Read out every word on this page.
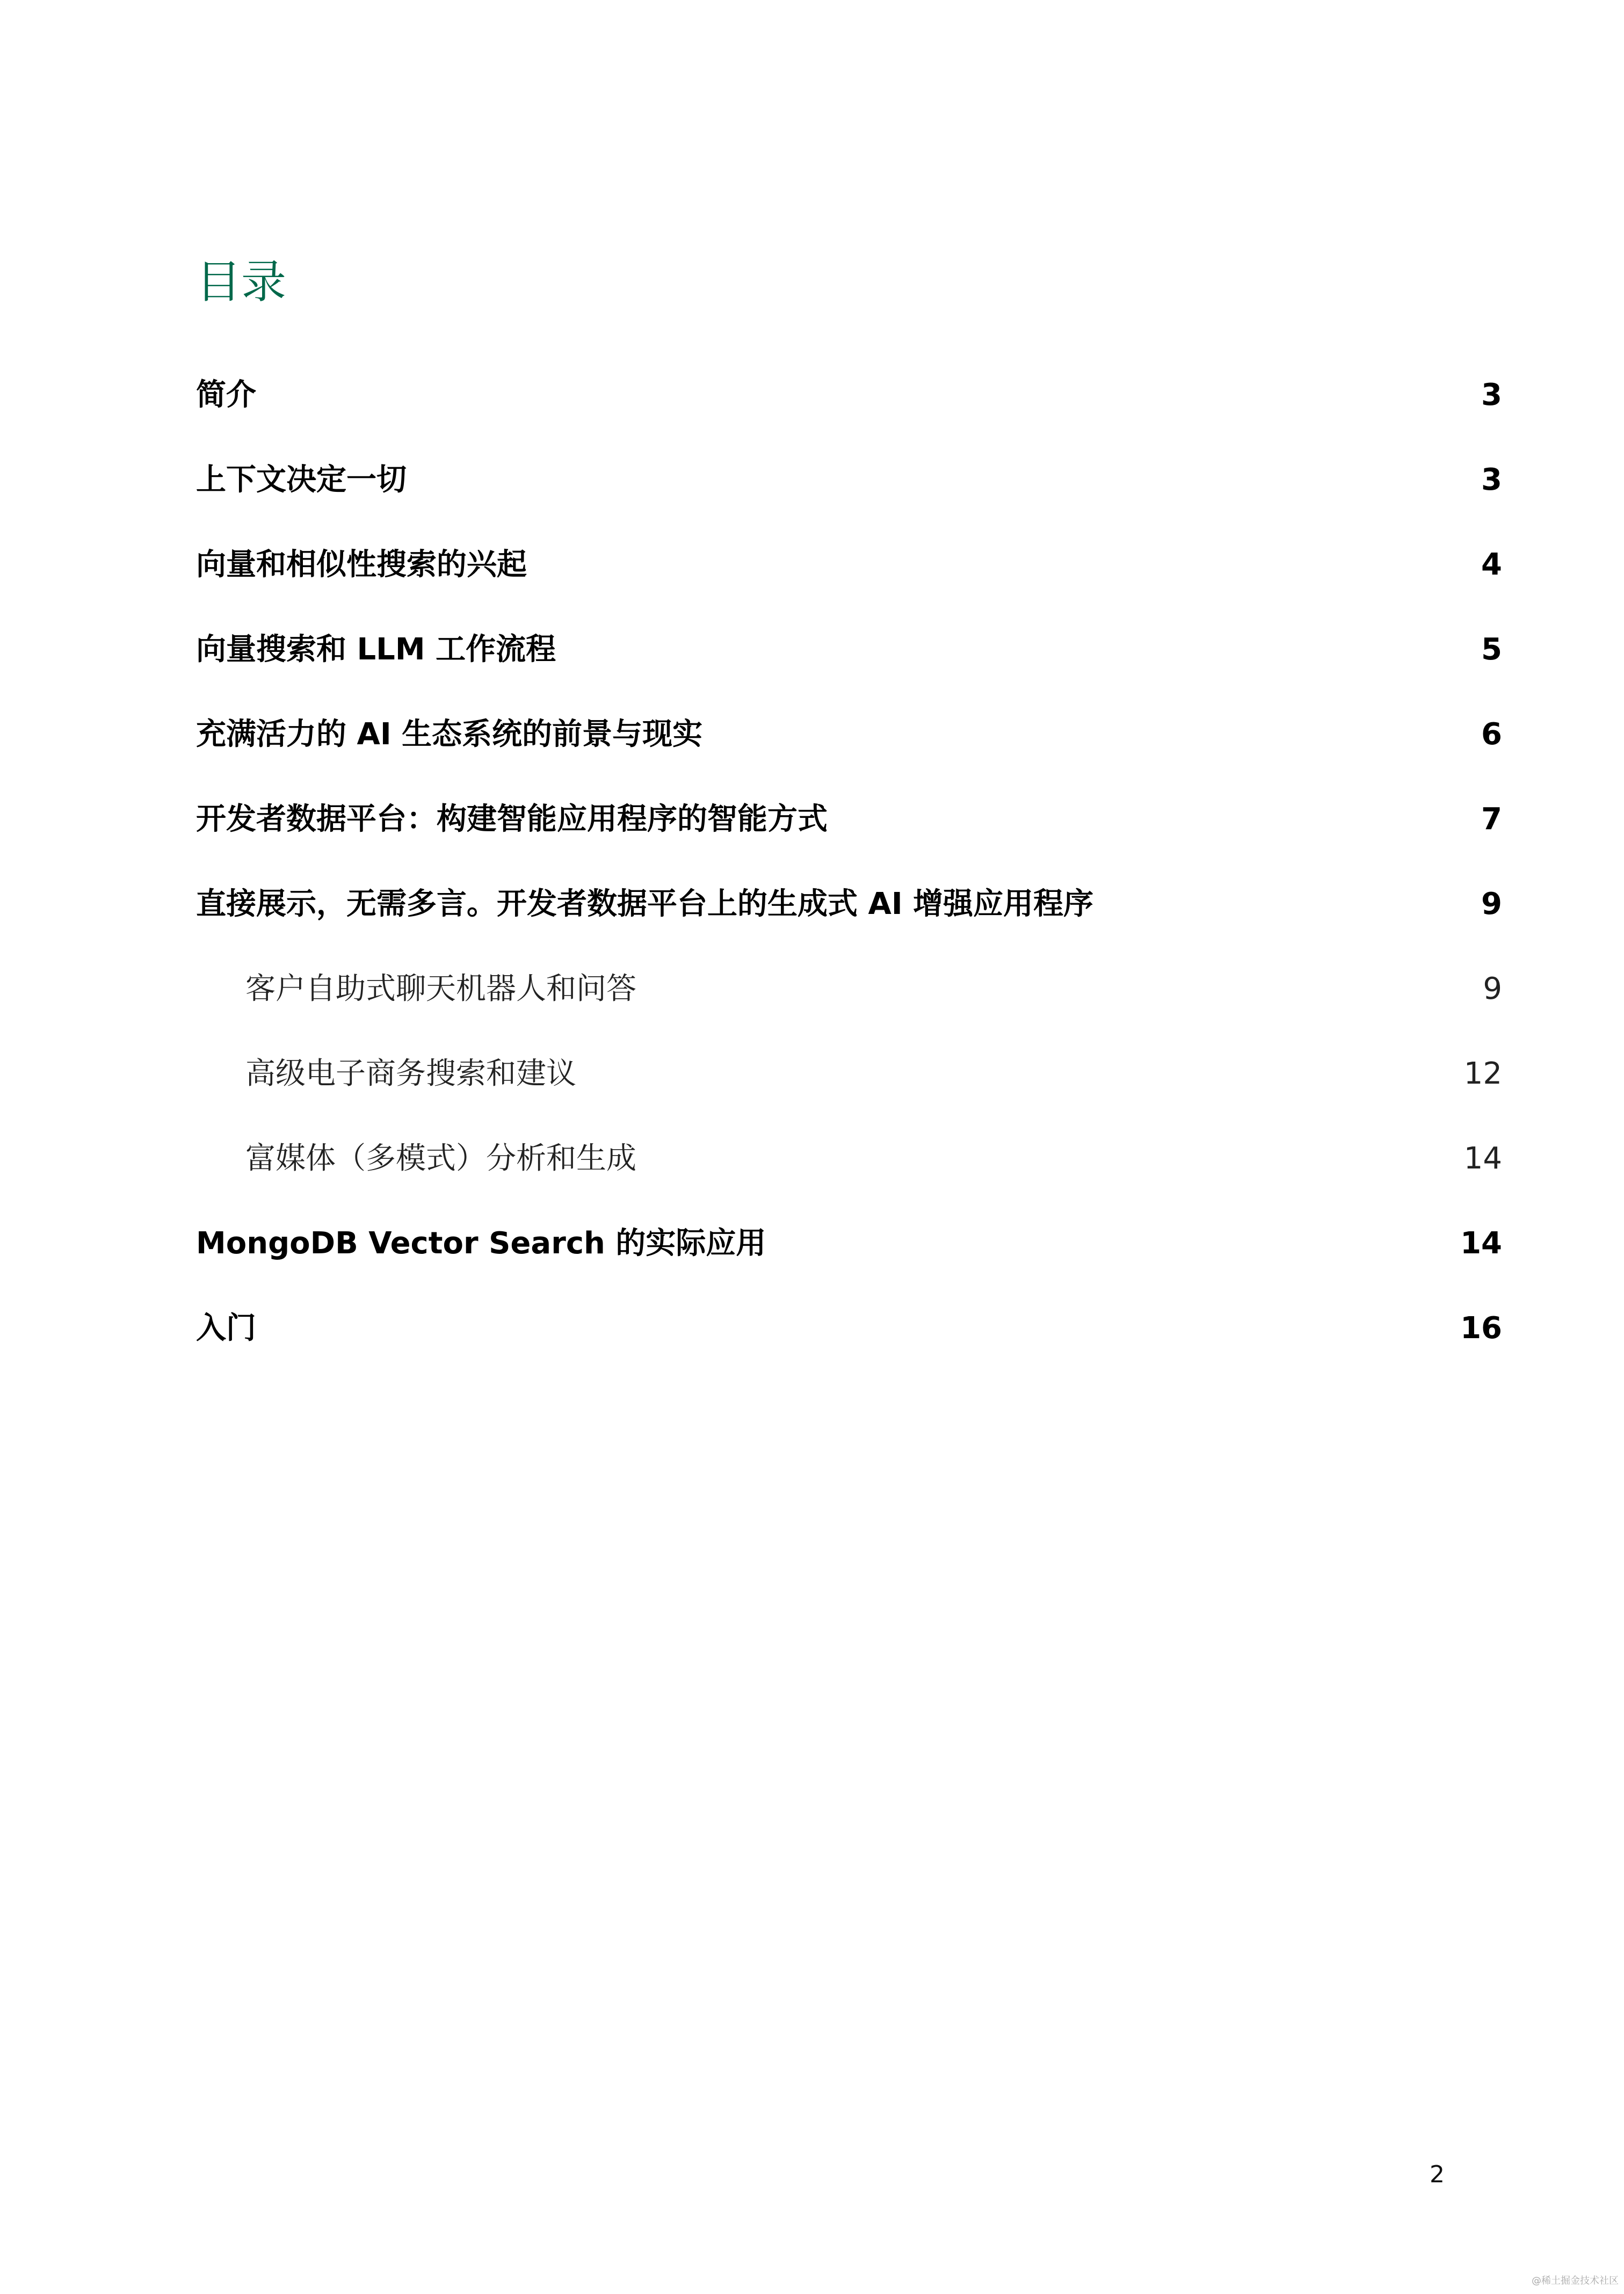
目录
简介	3
上下文决定一切	3
向量和相似性搜索的兴起	4
向量搜索和 LLM 工作流程	5
充满活力的 AI 生态系统的前景与现实	6
开发者数据平台：构建智能应用程序的智能方式	7
直接展示，无需多言。开发者数据平台上的生成式 AI 增强应用程序	9
客户自助式聊天机器人和问答	9
高级电子商务搜索和建议	12
富媒体（多模式）分析和生成	14
MongoDB Vector Search 的实际应用	14
入门	16
2
@稀土掘金技术社区
